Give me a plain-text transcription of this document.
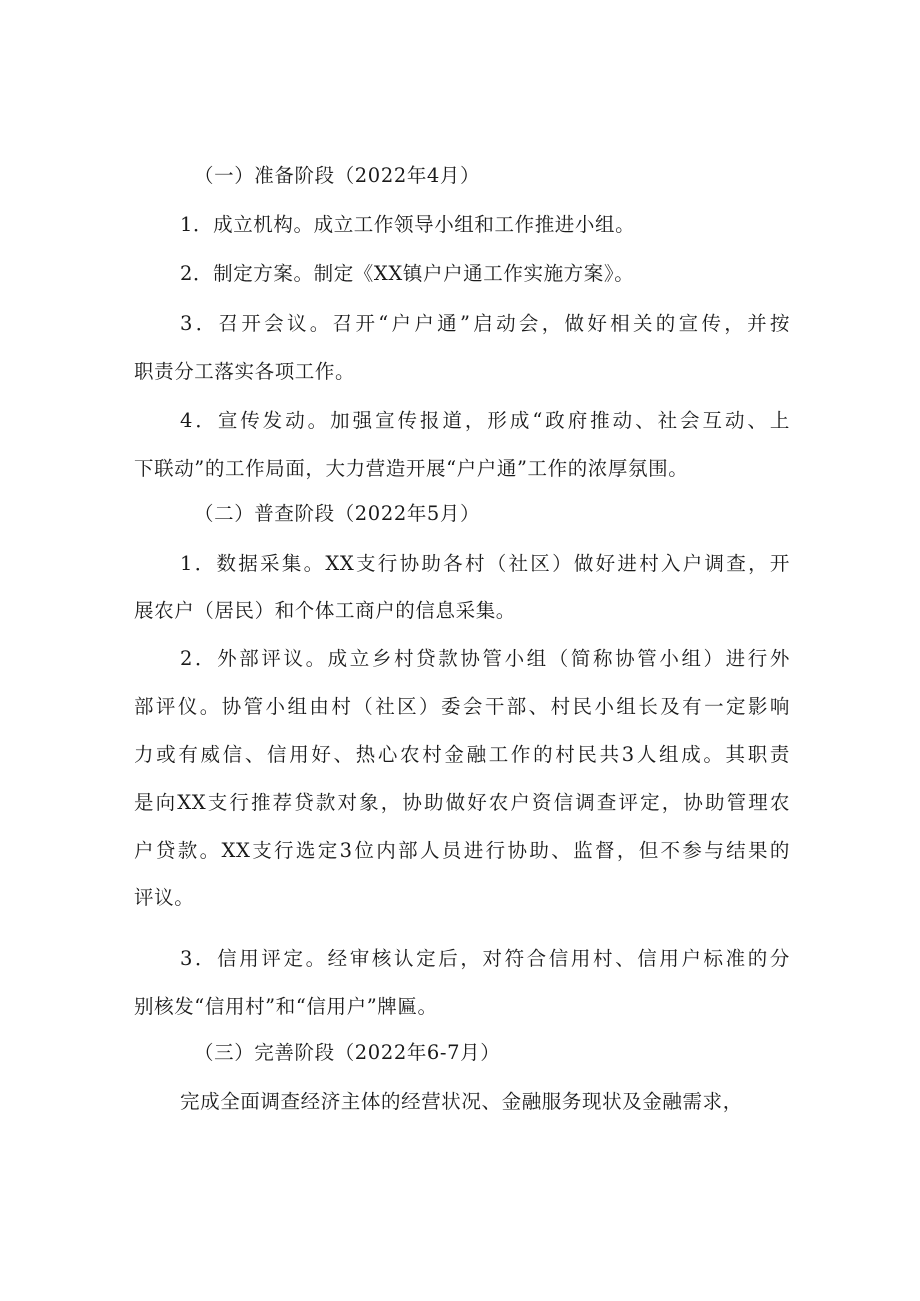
（一）准备阶段（2022年4月）
1．成立机构。成立工作领导小组和工作推进小组。
2．制定方案。制定《XX镇户户通工作实施方案》。
3．召开会议。召开“户户通”启动会，做好相关的宣传，并按
职责分工落实各项工作。
4．宣传发动。加强宣传报道，形成“政府推动、社会互动、上
下联动”的工作局面，大力营造开展“户户通”工作的浓厚氛围。
（二）普查阶段（2022年5月）
1．数据采集。XX支行协助各村（社区）做好进村入户调查，开
展农户（居民）和个体工商户的信息采集。
2．外部评议。成立乡村贷款协管小组（简称协管小组）进行外
部评仪。协管小组由村（社区）委会干部、村民小组长及有一定影响
力或有威信、信用好、热心农村金融工作的村民共3人组成。其职责
是向XX支行推荐贷款对象，协助做好农户资信调查评定，协助管理农
户贷款。XX支行选定3位内部人员进行协助、监督，但不参与结果的
评议。
3．信用评定。经审核认定后，对符合信用村、信用户标准的分
别核发“信用村”和“信用户”牌匾。
（三）完善阶段（2022年6-7月）
完成全面调查经济主体的经营状况、金融服务现状及金融需求，
